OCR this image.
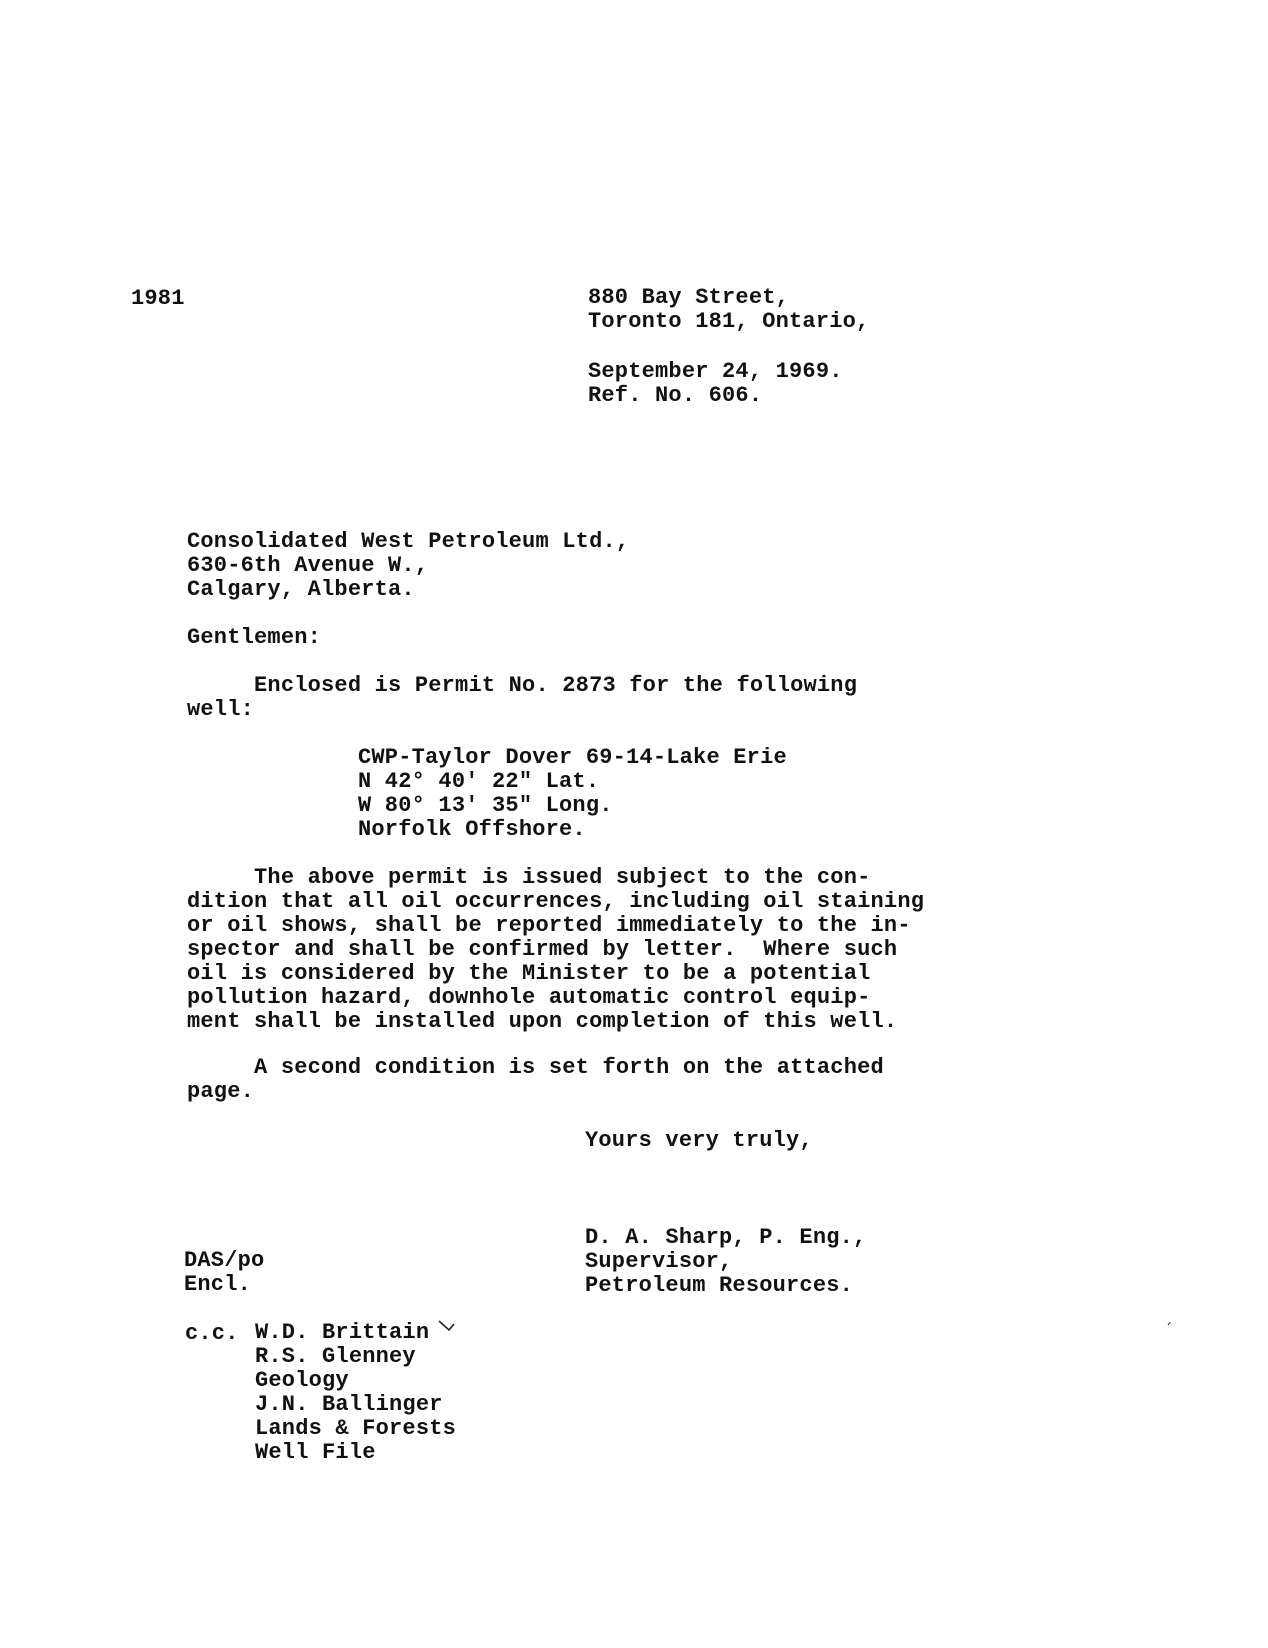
1981	880 Bay Street,
Toronto 181, Ontario,
September 24, 1969.
Ref. No. 606.
Consolidated West Petroleum Ltd.,
630-6th Avenue W.,
Calgary, Alberta.
Gentlemen:
Enclosed is Permit No. 2873 for the following
well:
CWP-Taylor Dover 69-14-Lake Erie
N 42° 40' 22" Lat.
W 80° 13' 35" Long.
Norfolk Offshore.
The above permit is issued subject to the con-
dition that all oil occurrences, including oil staining
or oil shows, shall be reported immediately to the in-
spector and shall be confirmed by letter.  Where such
oil is considered by the Minister to be a potential
pollution hazard, downhole automatic control equip-
ment shall be installed upon completion of this well.
A second condition is set forth on the attached
page.
Yours very truly,
D. A. Sharp, P. Eng.,
Supervisor,
Petroleum Resources.
DAS/po
Encl.
c.c. W.D. Brittain
R.S. Glenney
Geology
J.N. Ballinger
Lands & Forests
Well File
ˊ
